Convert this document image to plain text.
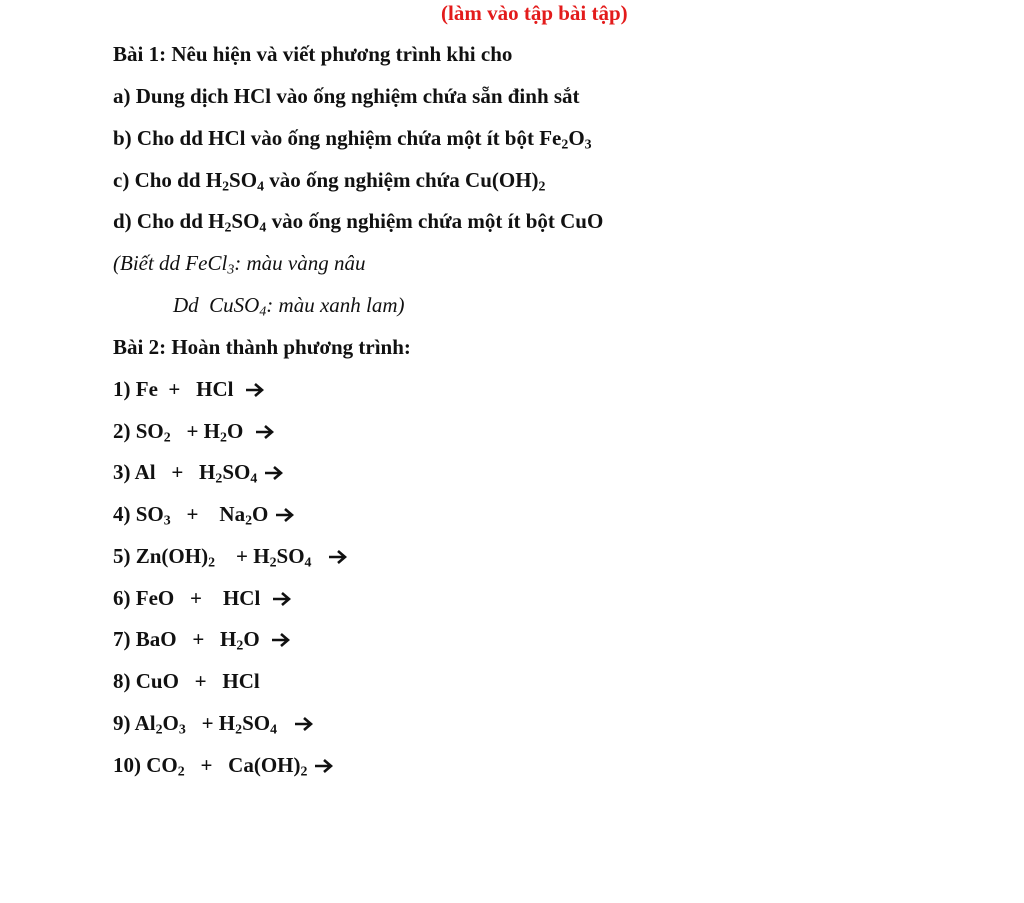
(làm vào tập bài tập)
Bài 1: Nêu hiện và viết phương trình khi cho
a) Dung dịch HCl vào ống nghiệm chứa sẵn đinh sắt
b) Cho dd HCl vào ống nghiệm chứa một ít bột $Fe_2O_3$
c) Cho dd $H_2SO_4$ vào ống nghiệm chứa $Cu(OH)_2$
d) Cho dd $H_2SO_4$ vào ống nghiệm chứa một ít bột CuO
(Biết dd FeCl$_3$: màu vàng nâu
Dd  CuSO$_4$: màu xanh lam)
Bài 2: Hoàn thành phương trình:
1) Fe  +   HCl
2) $SO_2 + H_2O$
3) $Al + H_2SO_4$
4) $SO_3$   +    $Na_2O$
5) $Zn(OH)_2$    + $H_2SO_4$
6) FeO   +    HCl
7) BaO   +   $H_2O$
8) CuO   +   HCl
9) $Al_2O_3 + H_2SO_4$
10) $CO_2 + Ca(OH)_2$
